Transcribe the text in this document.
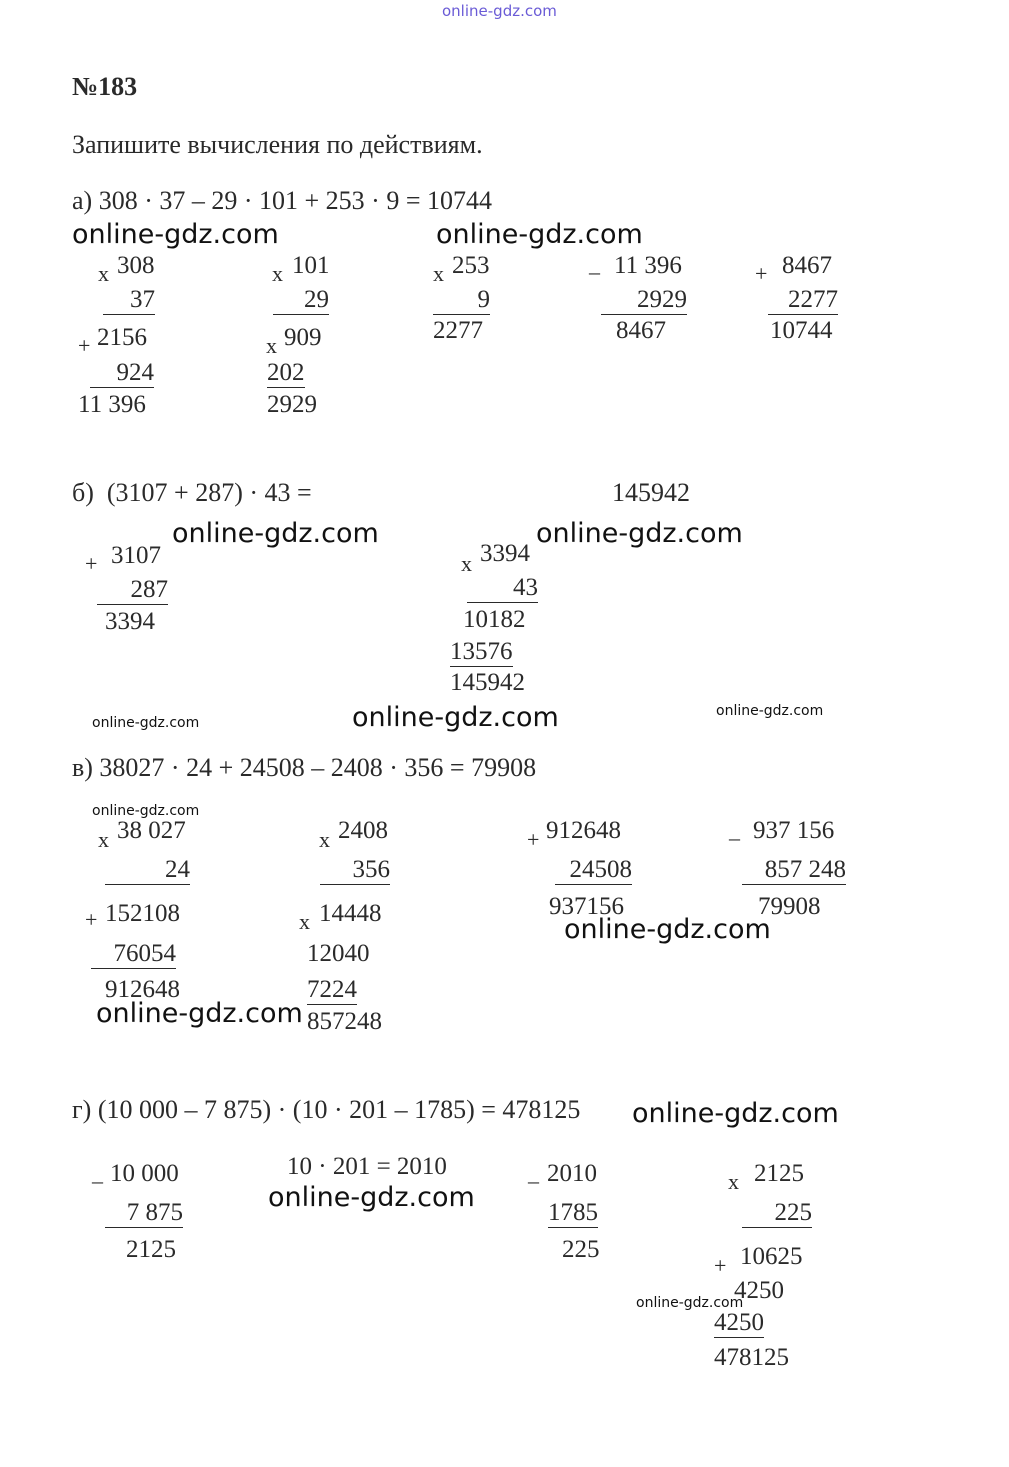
online-gdz.com
№183
Запишите вычисления по действиям.
а) 308 · 37 – 29 · 101 + 253 · 9 = 10744
x 308
37
+ 2156
924
11 396
x 101
29
x 909
202
2929
x 253
9
2277
– 11 396
2929
8467
+ 8467
2277
10744
online-gdz.com	online-gdz.com
б)  (3107 + 287) · 43 =	145942
+ 3107
287
3394
x 3394
43
10182
13576
145942
online-gdz.com	online-gdz.com
online-gdz.com	online-gdz.com	online-gdz.com
в) 38027 · 24 + 24508 – 2408 · 356 = 79908
online-gdz.com
x 38 027
24
+ 152108
76054
912648
x 2408
356
x 14448
12040
7224
857248
+ 912648
24508
937156
– 937 156
857 248
79908
online-gdz.com
online-gdz.com
г) (10 000 – 7 875) · (10 · 201 – 1785) = 478125 online-gdz.com
– 10 000
7 875
2125
10 · 201 = 2010
online-gdz.com
– 2010
1785
225
x 2125
225
+ 10625
4250
4250
478125
online-gdz.com
